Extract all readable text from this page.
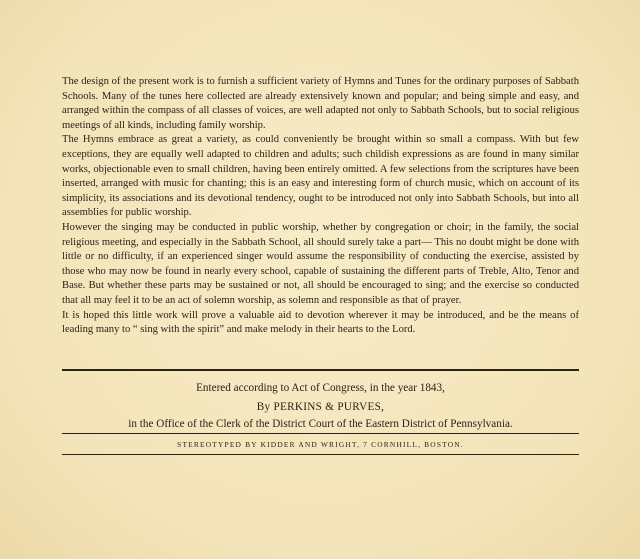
The design of the present work is to furnish a sufficient variety of Hymns and Tunes for the ordinary purposes of Sabbath Schools. Many of the tunes here collected are already extensively known and popular; and being simple and easy, and arranged within the compass of all classes of voices, are well adapted not only to Sabbath Schools, but to social religious meetings of all kinds, including family worship.

The Hymns embrace as great a variety, as could conveniently be brought within so small a compass. With but few exceptions, they are equally well adapted to children and adults; such childish expressions as are found in many similar works, objectionable even to small children, having been entirely omitted. A few selections from the scriptures have been inserted, arranged with music for chanting; this is an easy and interesting form of church music, which on account of its simplicity, its associations and its devotional tendency, ought to be introduced not only into Sabbath Schools, but into all assemblies for public worship.

However the singing may be conducted in public worship, whether by congregation or choir; in the family, the social religious meeting, and especially in the Sabbath School, all should surely take a part— This no doubt might be done with little or no difficulty, if an experienced singer would assume the responsibility of conducting the exercise, assisted by those who may now be found in nearly every school, capable of sustaining the different parts of Treble, Alto, Tenor and Base. But whether these parts may be sustained or not, all should be encouraged to sing; and the exercise so conducted that all may feel it to be an act of solemn worship, as solemn and responsible as that of prayer.

It is hoped this little work will prove a valuable aid to devotion wherever it may be introduced, and be the means of leading many to “ sing with the spirit” and make melody in their hearts to the Lord.

Entered according to Act of Congress, in the year 1843,
By PERKINS & PURVES,
in the Office of the Clerk of the District Court of the Eastern District of Pennsylvania.
STEREOTYPED BY KIDDER AND WRIGHT, 7 CORNHILL, BOSTON.
